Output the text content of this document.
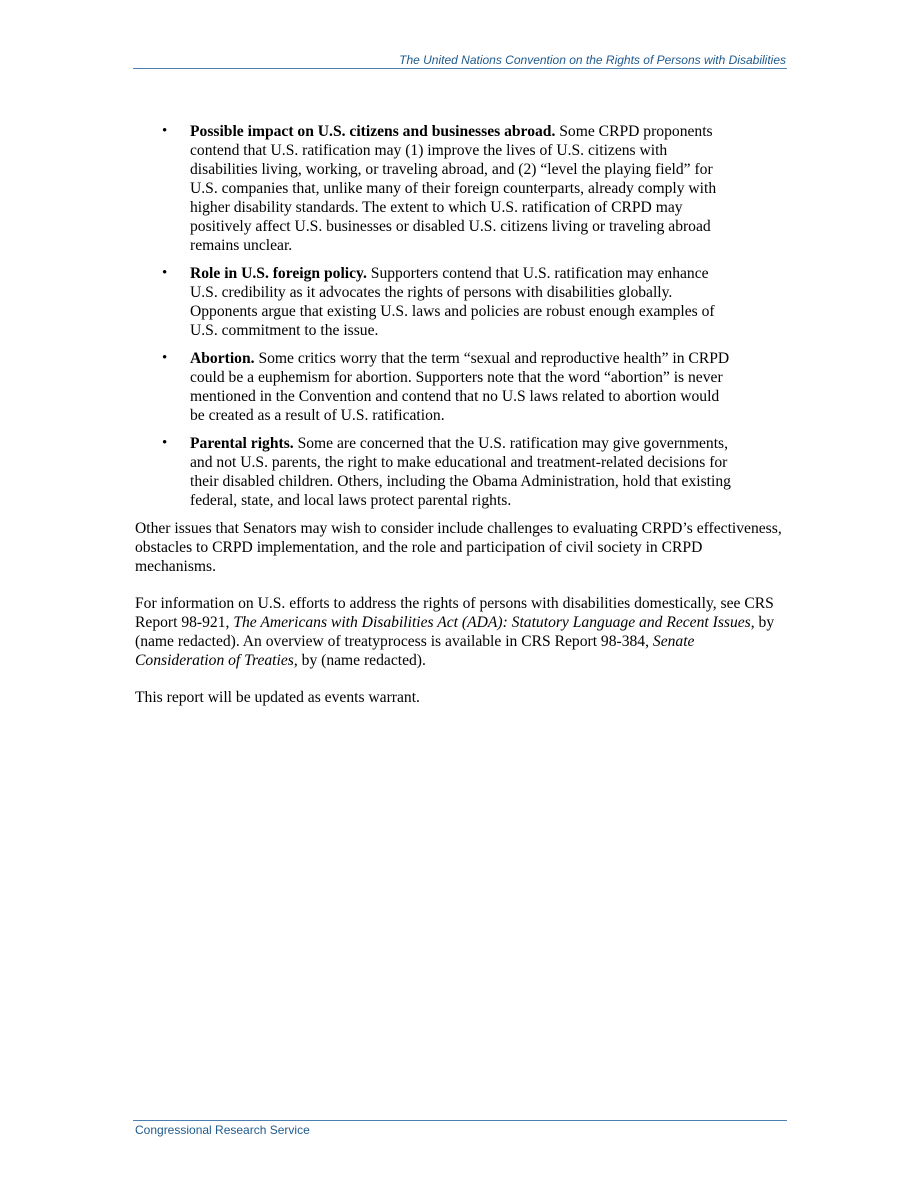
The United Nations Convention on the Rights of Persons with Disabilities
• Possible impact on U.S. citizens and businesses abroad. Some CRPD proponents contend that U.S. ratification may (1) improve the lives of U.S. citizens with disabilities living, working, or traveling abroad, and (2) “level the playing field” for U.S. companies that, unlike many of their foreign counterparts, already comply with higher disability standards. The extent to which U.S. ratification of CRPD may positively affect U.S. businesses or disabled U.S. citizens living or traveling abroad remains unclear.
• Role in U.S. foreign policy. Supporters contend that U.S. ratification may enhance U.S. credibility as it advocates the rights of persons with disabilities globally. Opponents argue that existing U.S. laws and policies are robust enough examples of U.S. commitment to the issue.
• Abortion. Some critics worry that the term “sexual and reproductive health” in CRPD could be a euphemism for abortion. Supporters note that the word “abortion” is never mentioned in the Convention and contend that no U.S laws related to abortion would be created as a result of U.S. ratification.
• Parental rights. Some are concerned that the U.S. ratification may give governments, and not U.S. parents, the right to make educational and treatment-related decisions for their disabled children. Others, including the Obama Administration, hold that existing federal, state, and local laws protect parental rights.

Other issues that Senators may wish to consider include challenges to evaluating CRPD’s effectiveness, obstacles to CRPD implementation, and the role and participation of civil society in CRPD mechanisms.

For information on U.S. efforts to address the rights of persons with disabilities domestically, see CRS Report 98-921, The Americans with Disabilities Act (ADA): Statutory Language and Recent Issues, by (name redacted). An overview of treatyprocess is available in CRS Report 98-384, Senate Consideration of Treaties, by (name redacted).

This report will be updated as events warrant.

Congressional Research Service
